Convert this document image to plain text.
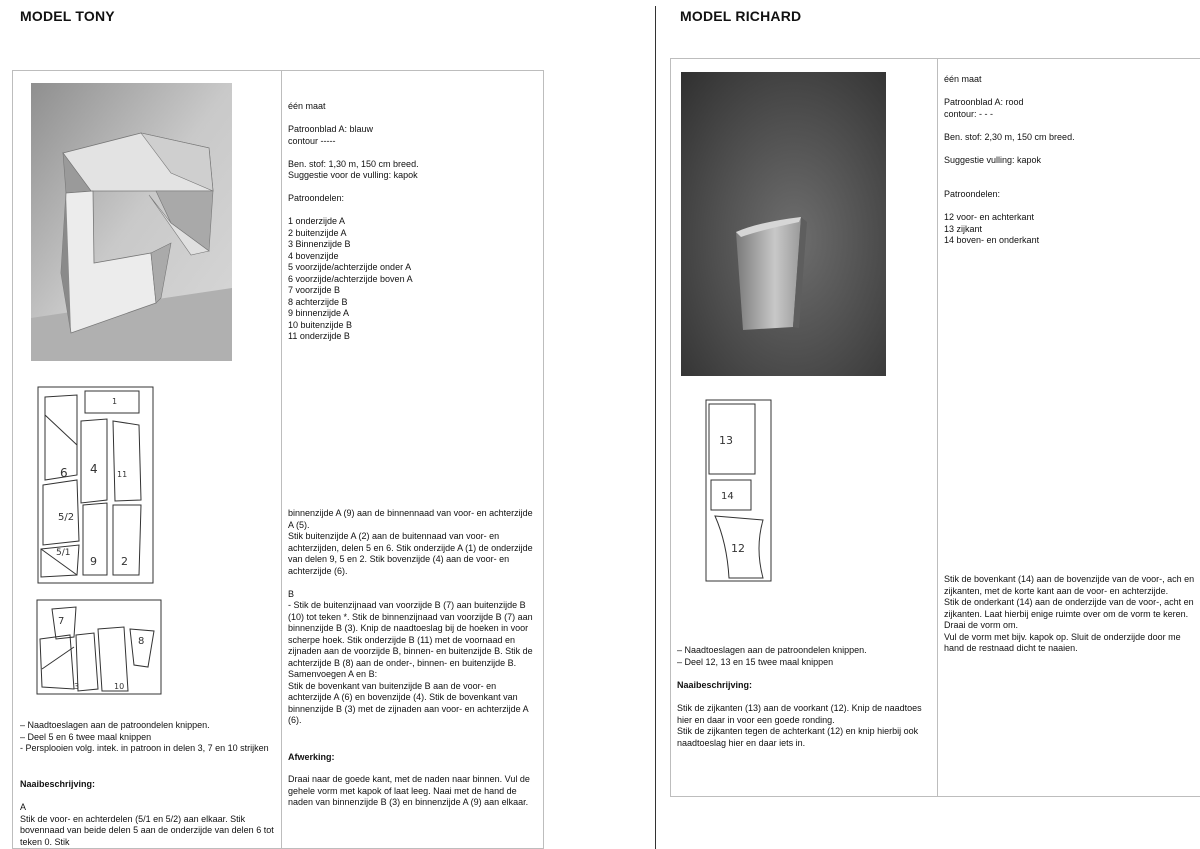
MODEL TONY
1
6 4 11
5/2
5/1
9 2
7
8
3	10
– Naadtoeslagen aan de patroondelen knippen.
– Deel 5 en 6 twee maal knippen
- Persplooien volg. intek. in patroon in delen 3, 7 en 10 strijken
Naaibeschrijving:
A
Stik de voor- en achterdelen (5/1 en 5/2) aan elkaar. Stik bovennaad van beide delen 5 aan de onderzijde van delen 6 tot teken 0. Stik
één maat

Patroonblad A: blauw
contour -----

Ben. stof: 1,30 m, 150 cm breed.
Suggestie voor de vulling: kapok

Patroondelen:

1 onderzijde A
2 buitenzijde A
3 Binnenzijde B
4 bovenzijde
5 voorzijde/achterzijde onder A
6 voorzijde/achterzijde boven A
7 voorzijde B
8 achterzijde B
9 binnenzijde A
10 buitenzijde B
11 onderzijde B
binnenzijde A (9) aan de binnennaad van voor- en achterzijde A (5).
Stik buitenzijde A (2) aan de buitennaad van voor- en achterzijden, delen 5 en 6. Stik onderzijde A (1) de onderzijde van delen 9, 5 en 2. Stik bovenzijde (4) aan de voor- en achterzijde (6).

B
- Stik de buitenzijnaad van voorzijde B (7) aan buitenzijde B (10) tot teken *. Stik de binnenzijnaad van voorzijde B (7) aan binnenzijde B (3). Knip de naadtoeslag bij de hoeken in voor scherpe hoek. Stik onderzijde B (11) met de voornaad en zijnaden aan de voorzijde B, binnen- en buitenzijde B. Stik de achterzijde B (8) aan de onder-, binnen- en buitenzijde B.
Samenvoegen A en B:
Stik de bovenkant van buitenzijde B aan de voor- en achterzijde A (6) en bovenzijde (4). Stik de bovenkant van binnenzijde B (3) met de zijnaden aan voor- en achterzijde A (6).
Afwerking:
Draai naar de goede kant, met de naden naar binnen. Vul de gehele vorm met kapok of laat leeg. Naai met de hand de naden van binnenzijde B (3) en binnenzijde A (9) aan elkaar.
MODEL RICHARD
13
14
12
– Naadtoeslagen aan de patroondelen knippen.
– Deel 12, 13 en 15 twee maal knippen
Naaibeschrijving:
Stik de zijkanten (13) aan de voorkant (12). Knip de naadtoes hier en daar in voor een goede ronding.
Stik de zijkanten tegen de achterkant (12) en knip hierbij ook naadtoeslag hier en daar iets in.
één maat

Patroonblad A: rood
contour: - - -

Ben. stof: 2,30 m, 150 cm breed.

Suggestie vulling: kapok

Patroondelen:

12 voor- en achterkant
13 zijkant
14 boven- en onderkant
Stik de bovenkant (14) aan de bovenzijde van de voor-, ach en zijkanten, met de korte kant aan de voor- en achterzijde.
Stik de onderkant (14) aan de onderzijde van de voor-, acht en zijkanten. Laat hierbij enige ruimte over om de vorm te keren.
Draai de vorm om.
Vul de vorm met bijv. kapok op. Sluit de onderzijde door me hand de restnaad dicht te naaien.
